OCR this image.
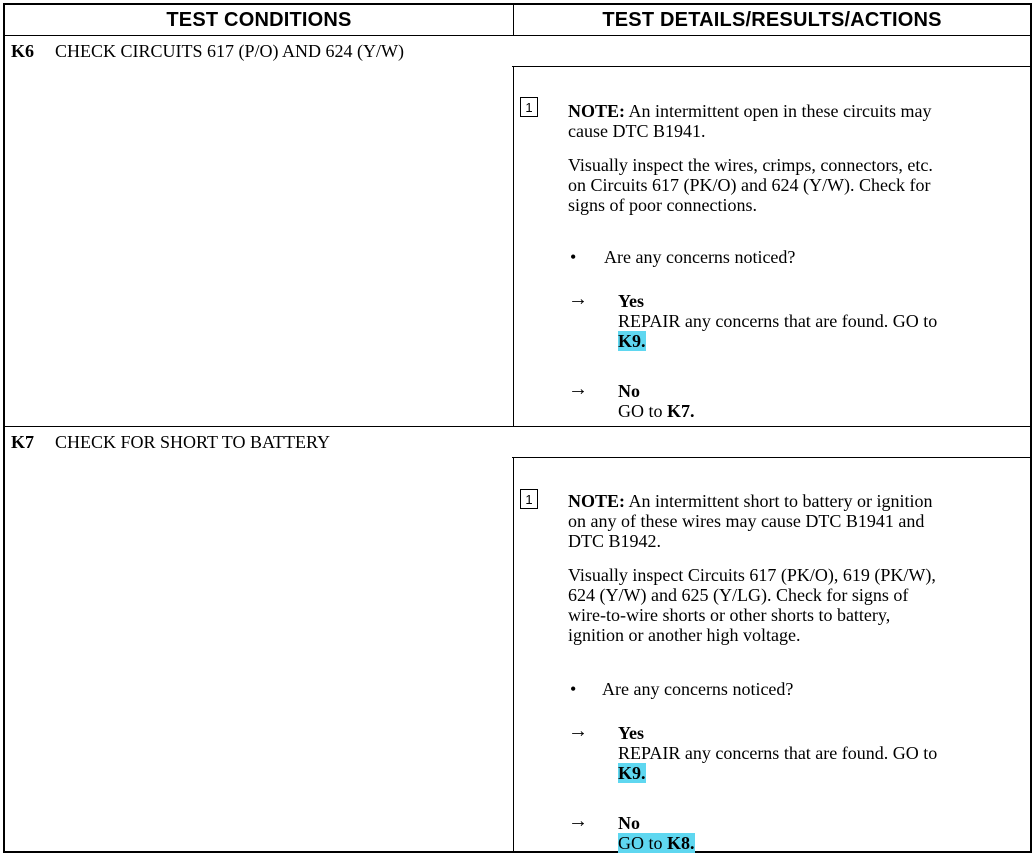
TEST CONDITIONS	TEST DETAILS/RESULTS/ACTIONS
K6	CHECK CIRCUITS 617 (P/O) AND 624 (Y/W)
1 NOTE: An intermittent open in these circuits may
cause DTC B1941.
Visually inspect the wires, crimps, connectors, etc.
on Circuits 617 (PK/O) and 624 (Y/W). Check for
signs of poor connections.
• Are any concerns noticed?
→ Yes
REPAIR any concerns that are found. GO to
K9.
→ No
GO to K7.
K7	CHECK FOR SHORT TO BATTERY
1 NOTE: An intermittent short to battery or ignition
on any of these wires may cause DTC B1941 and
DTC B1942.
Visually inspect Circuits 617 (PK/O), 619 (PK/W),
624 (Y/W) and 625 (Y/LG). Check for signs of
wire-to-wire shorts or other shorts to battery,
ignition or another high voltage.
• Are any concerns noticed?
→ Yes
REPAIR any concerns that are found. GO to
K9.
→ No
GO to K8.
